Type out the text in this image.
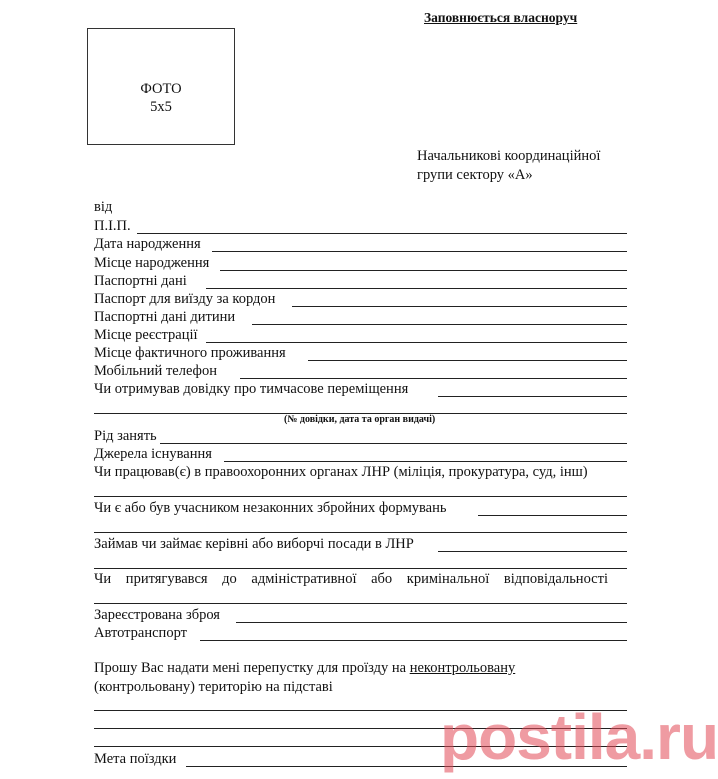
Заповнюється власноруч
ФОТО
5x5
Начальникові координаційної
групи сектору «А»
від
П.І.П.
Дата народження
Місце народження
Паспортні дані
Паспорт для виїзду за кордон
Паспортні дані дитини
Місце реєстрації
Місце фактичного проживання
Мобільний телефон
Чи отримував довідку про тимчасове переміщення
(№ довідки, дата та орган видачі)
Рід занять
Джерела існування
Чи працював(є) в правоохоронних органах ЛНР (міліція, прокуратура, суд, інш)
Чи є або був учасником незаконних збройних формувань
Займав чи займає керівні або виборчі посади в ЛНР
Чи притягувався до адміністративної або кримінальної відповідальності
Зареєстрована зброя
Автотранспорт
Прошу Вас надати мені перепустку для проїзду на неконтрольовану
(контрольовану) територію на підставі
Мета поїздки	postila.ru
